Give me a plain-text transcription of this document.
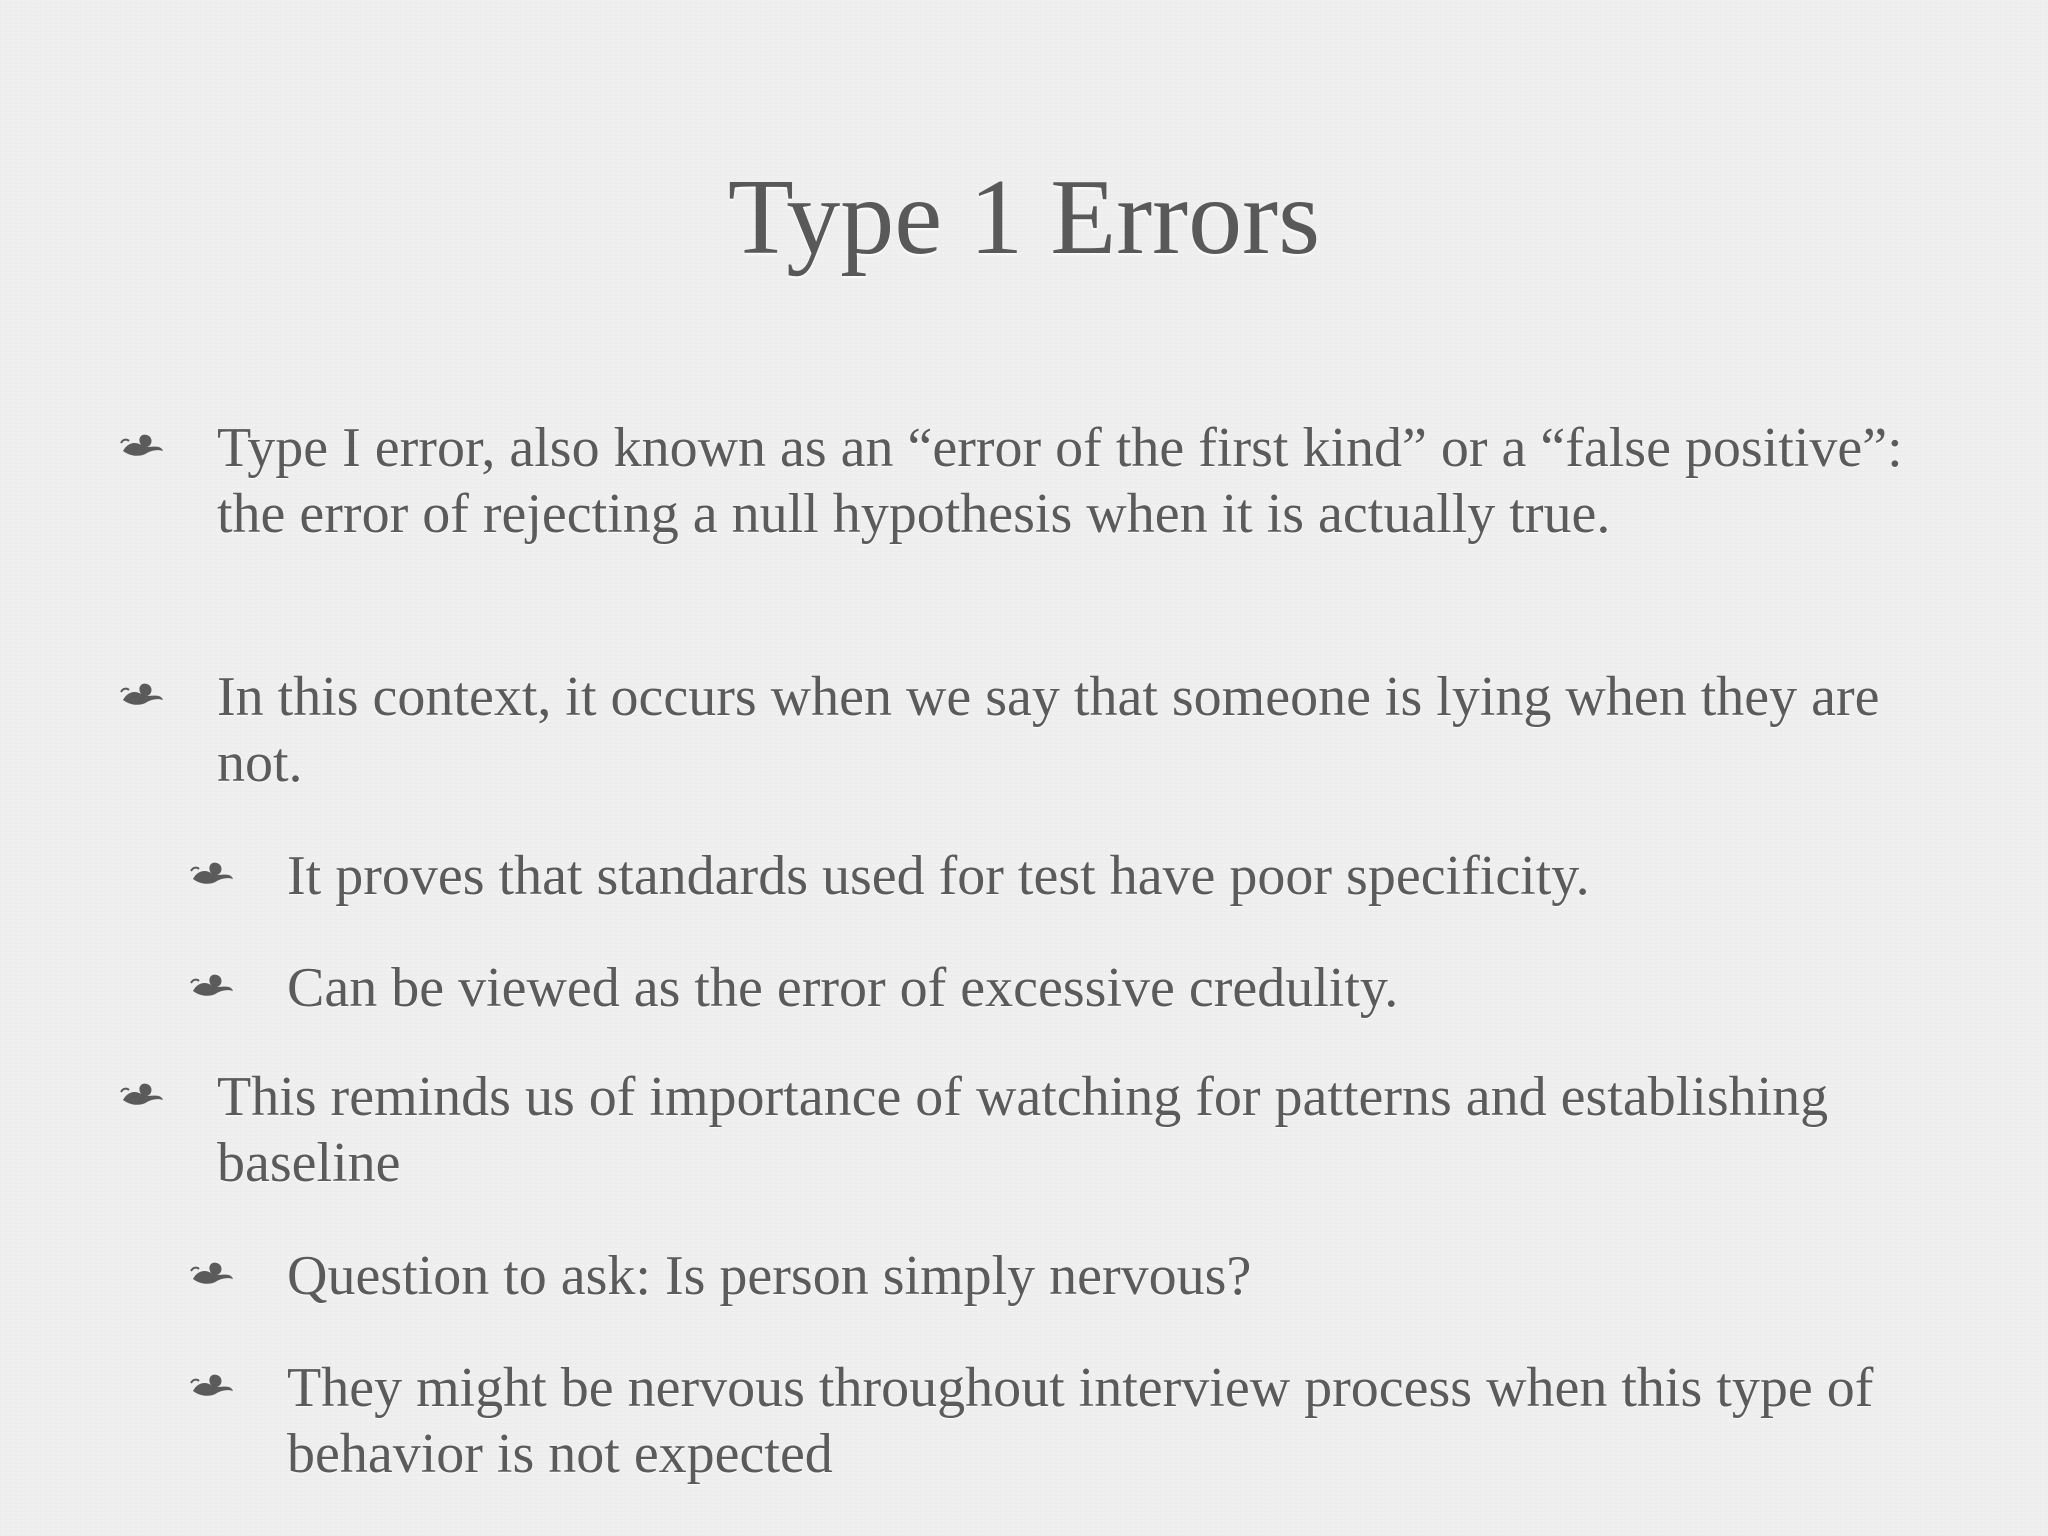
Type 1 Errors
Type I error, also known as an “error of the first kind” or a “false positive”: the error of rejecting a null hypothesis when it is actually true.
In this context, it occurs when we say that someone is lying when they are not.
It proves that standards used for test have poor specificity.
Can be viewed as the error of excessive credulity.
This reminds us of importance of watching for patterns and establishing baseline
Question to ask: Is person simply nervous?
They might be nervous throughout interview process when this type of behavior is not expected
